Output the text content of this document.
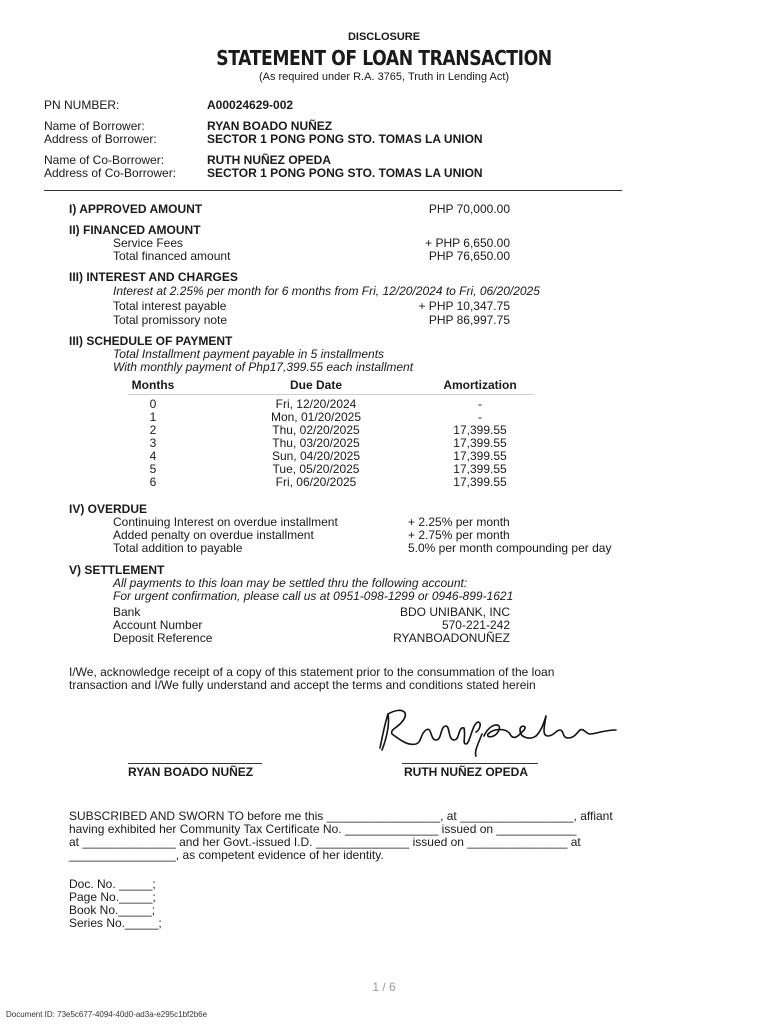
DISCLOSURE
STATEMENT OF LOAN TRANSACTION
(As required under R.A. 3765, Truth in Lending Act)
PN NUMBER:	A00024629-002
Name of Borrower:	RYAN BOADO NUÑEZ
Address of Borrower:	SECTOR 1 PONG PONG STO. TOMAS LA UNION
Name of Co-Borrower:	RUTH NUÑEZ OPEDA
Address of Co-Borrower:	SECTOR 1 PONG PONG STO. TOMAS LA UNION
I) APPROVED AMOUNT	PHP 70,000.00
II) FINANCED AMOUNT
Service Fees	+ PHP 6,650.00
Total financed amount	PHP 76,650.00
III) INTEREST AND CHARGES
Interest at 2.25% per month for 6 months from Fri, 12/20/2024 to Fri, 06/20/2025
Total interest payable	+ PHP 10,347.75
Total promissory note	PHP 86,997.75
III) SCHEDULE OF PAYMENT
Total Installment payment payable in 5 installments
With monthly payment of Php17,399.55 each installment
Months	Due Date	Amortization
0	Fri, 12/20/2024	-
1	Mon, 01/20/2025	-
2	Thu, 02/20/2025	17,399.55
3	Thu, 03/20/2025	17,399.55
4	Sun, 04/20/2025	17,399.55
5	Tue, 05/20/2025	17,399.55
6	Fri, 06/20/2025	17,399.55
IV) OVERDUE
Continuing Interest on overdue installment	+ 2.25% per month
Added penalty on overdue installment	+ 2.75% per month
Total addition to payable	5.0% per month compounding per day
V) SETTLEMENT
All payments to this loan may be settled thru the following account:
For urgent confirmation, please call us at 0951-098-1299 or 0946-899-1621
Bank	BDO UNIBANK, INC
Account Number	570-221-242
Deposit Reference	RYANBOADONUÑEZ
I/We, acknowledge receipt of a copy of this statement prior to the consummation of the loan
transaction and I/We fully understand and accept the terms and conditions stated herein
RYAN BOADO NUÑEZ	RUTH NUÑEZ OPEDA
SUBSCRIBED AND SWORN TO before me this _________________, at _________________, affiant
having exhibited her Community Tax Certificate No. ______________ issued on ____________
at ______________ and her Govt.-issued I.D. ______________ issued on _______________ at
________________, as competent evidence of her identity.
Doc. No. _____;
Page No._____;
Book No._____;
Series No._____;
1 / 6
Document ID: 73e5c677-4094-40d0-ad3a-e295c1bf2b6e
